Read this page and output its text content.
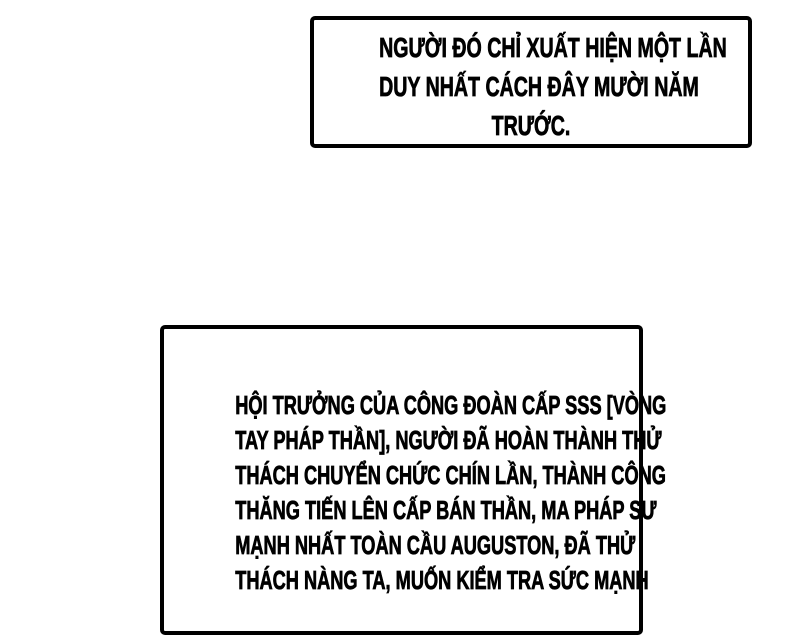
NGƯỜI ĐÓ CHỈ XUẤT HIỆN MỘT LẦN
DUY NHẤT CÁCH ĐÂY MƯỜI NĂM
TRƯỚC.
HỘI TRƯỞNG CỦA CÔNG ĐOÀN CẤP SSS [VÒNG
TAY PHÁP THẦN], NGƯỜI ĐÃ HOÀN THÀNH THỬ
THÁCH CHUYỂN CHỨC CHÍN LẦN, THÀNH CÔNG
THĂNG TIẾN LÊN CẤP BÁN THẦN, MA PHÁP SƯ
MẠNH NHẤT TOÀN CẦU AUGUSTON, ĐÃ THỬ
THÁCH NÀNG TA, MUỐN KIỂM TRA SỨC MẠNH
